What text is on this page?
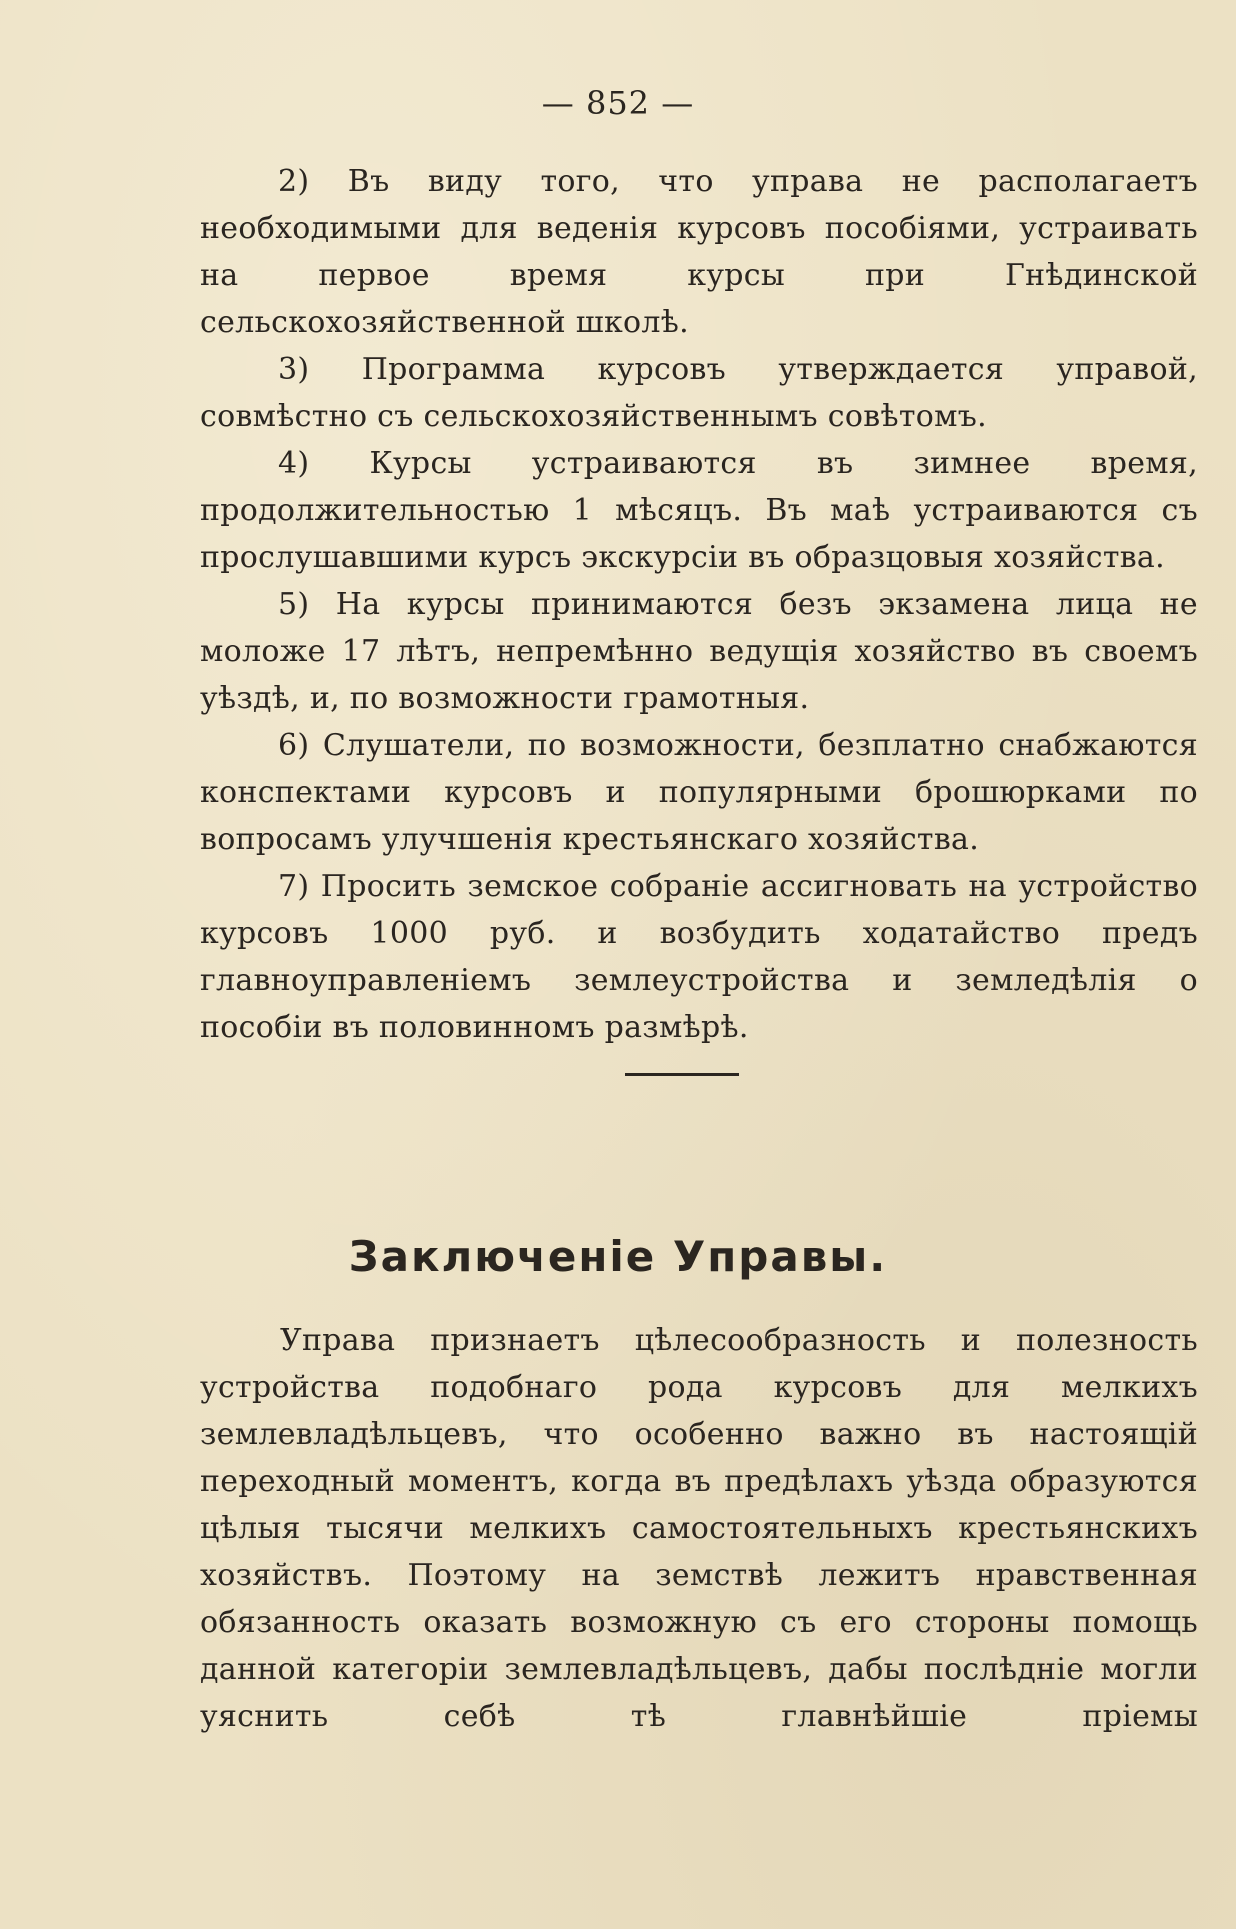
— 852 —

2) Въ виду того, что управа не располагаетъ необходимыми для веденія курсовъ пособіями, устраивать на первое время курсы при Гнѣдинской сельскохозяйственной школѣ.

3) Программа курсовъ утверждается управой, совмѣстно съ сельскохозяйственнымъ совѣтомъ.

4) Курсы устраиваются въ зимнее время, продолжительностью 1 мѣсяцъ. Въ маѣ устраиваются съ прослушавшими курсъ экскурсіи въ образцовыя хозяйства.

5) На курсы принимаются безъ экзамена лица не моложе 17 лѣтъ, непремѣнно ведущія хозяйство въ своемъ уѣздѣ, и, по возможности грамотныя.

6) Слушатели, по возможности, безплатно снабжаются конспектами курсовъ и популярными брошюрками по вопросамъ улучшенія крестьянскаго хозяйства.

7) Просить земское собраніе ассигновать на устройство курсовъ 1000 руб. и возбудить ходатайство предъ главноуправленіемъ землеустройства и земледѣлія о пособіи въ половинномъ размѣрѣ.

Заключеніе Управы.

Управа признаетъ цѣлесообразность и полезность устройства подобнаго рода курсовъ для мелкихъ землевладѣльцевъ, что особенно важно въ настоящій переходный моментъ, когда въ предѣлахъ уѣзда образуются цѣлыя тысячи мелкихъ самостоятельныхъ крестьянскихъ хозяйствъ. Поэтому на земствѣ лежитъ нравственная обязанность оказать возможную съ его стороны помощь данной категоріи землевладѣльцевъ, дабы послѣдніе могли уяснить себѣ тѣ главнѣйшіе пріемы
